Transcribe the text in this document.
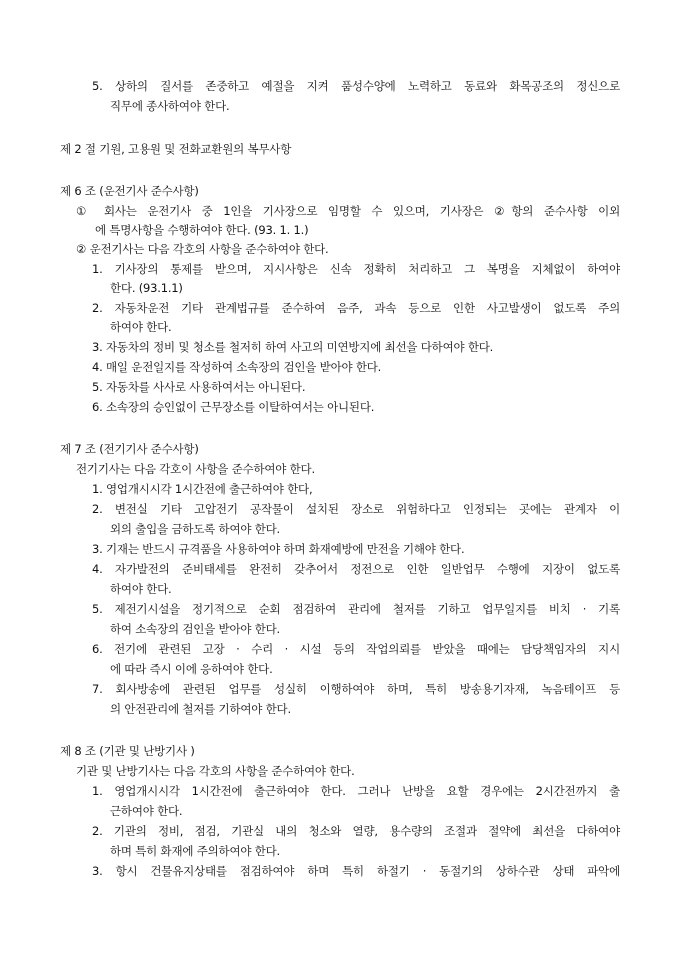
5. 상하의 질서를 존중하고 예절을 지켜 품성수양에 노력하고 동료와 화목공조의 정신으로
직무에 종사하여야 한다.
제 2 절 기원, 고용원 및 전화교환원의 복무사항
제 6 조 (운전기사 준수사항)
① 회사는 운전기사 중 1인을 기사장으로 임명할 수 있으며, 기사장은 ②항의 준수사항 이외
에 특명사항을 수행하여야 한다. (93. 1. 1.)
② 운전기사는 다음 각호의 사항을 준수하여야 한다.
1. 기사장의 통제를 받으며, 지시사항은 신속 정확히 처리하고 그 복명을 지체없이 하여야
한다. (93.1.1)
2. 자동차운전 기타 관계법규를 준수하여 음주, 과속 등으로 인한 사고발생이 없도록 주의
하여야 한다.
3. 자동차의 정비 및 청소를 철저히 하여 사고의 미연방지에 최선을 다하여야 한다.
4. 매일 운전일지를 작성하여 소속장의 검인을 받아야 한다.
5. 자동차를 사사로 사용하여서는 아니된다.
6. 소속장의 승인없이 근무장소를 이탈하여서는 아니된다.
제 7 조 (전기기사 준수사항)
전기기사는 다음 각호이 사항을 준수하여야 한다.
1. 영업개시시각 1시간전에 출근하여야 한다,
2. 변전실 기타 고압전기 공작물이 설치된 장소로 위험하다고 인정되는 곳에는 관계자 이
외의 출입을 금하도록 하여야 한다.
3. 기재는 반드시 규격품을 사용하여야 하며 화재예방에 만전을 기해야 한다.
4. 자가발전의 준비태세를 완전히 갖추어서 정전으로 인한 일반업무 수행에 지장이 없도록
하여야 한다.
5. 제전기시설을 정기적으로 순회 점검하여 관리에 철저를 기하고 업무일지를 비치 · 기록
하여 소속장의 검인을 받아야 한다.
6. 전기에 관련된 고장 · 수리 · 시설 등의 작업의뢰를 받았을 때에는 담당책임자의 지시
에 따라 즉시 이에 응하여야 한다.
7. 회사방송에 관련된 업무를 성실히 이행하여야 하며, 특히 방송용기자재, 녹음테이프 등
의 안전관리에 철저를 기하여야 한다.
제 8 조 (기관 및 난방기사 )
기관 및 난방기사는 다음 각호의 사항을 준수하여야 한다.
1. 영업개시시각 1시간전에 출근하여야 한다. 그러나 난방을 요할 경우에는 2시간전까지 출
근하여야 한다.
2. 기관의 정비, 점검, 기관실 내의 청소와 열량, 용수량의 조절과 절약에 최선을 다하여야
하며 특히 화재에 주의하여야 한다.
3. 항시 건물유지상태를 점검하여야 하며 특히 하절기 · 동절기의 상하수관 상태 파악에
